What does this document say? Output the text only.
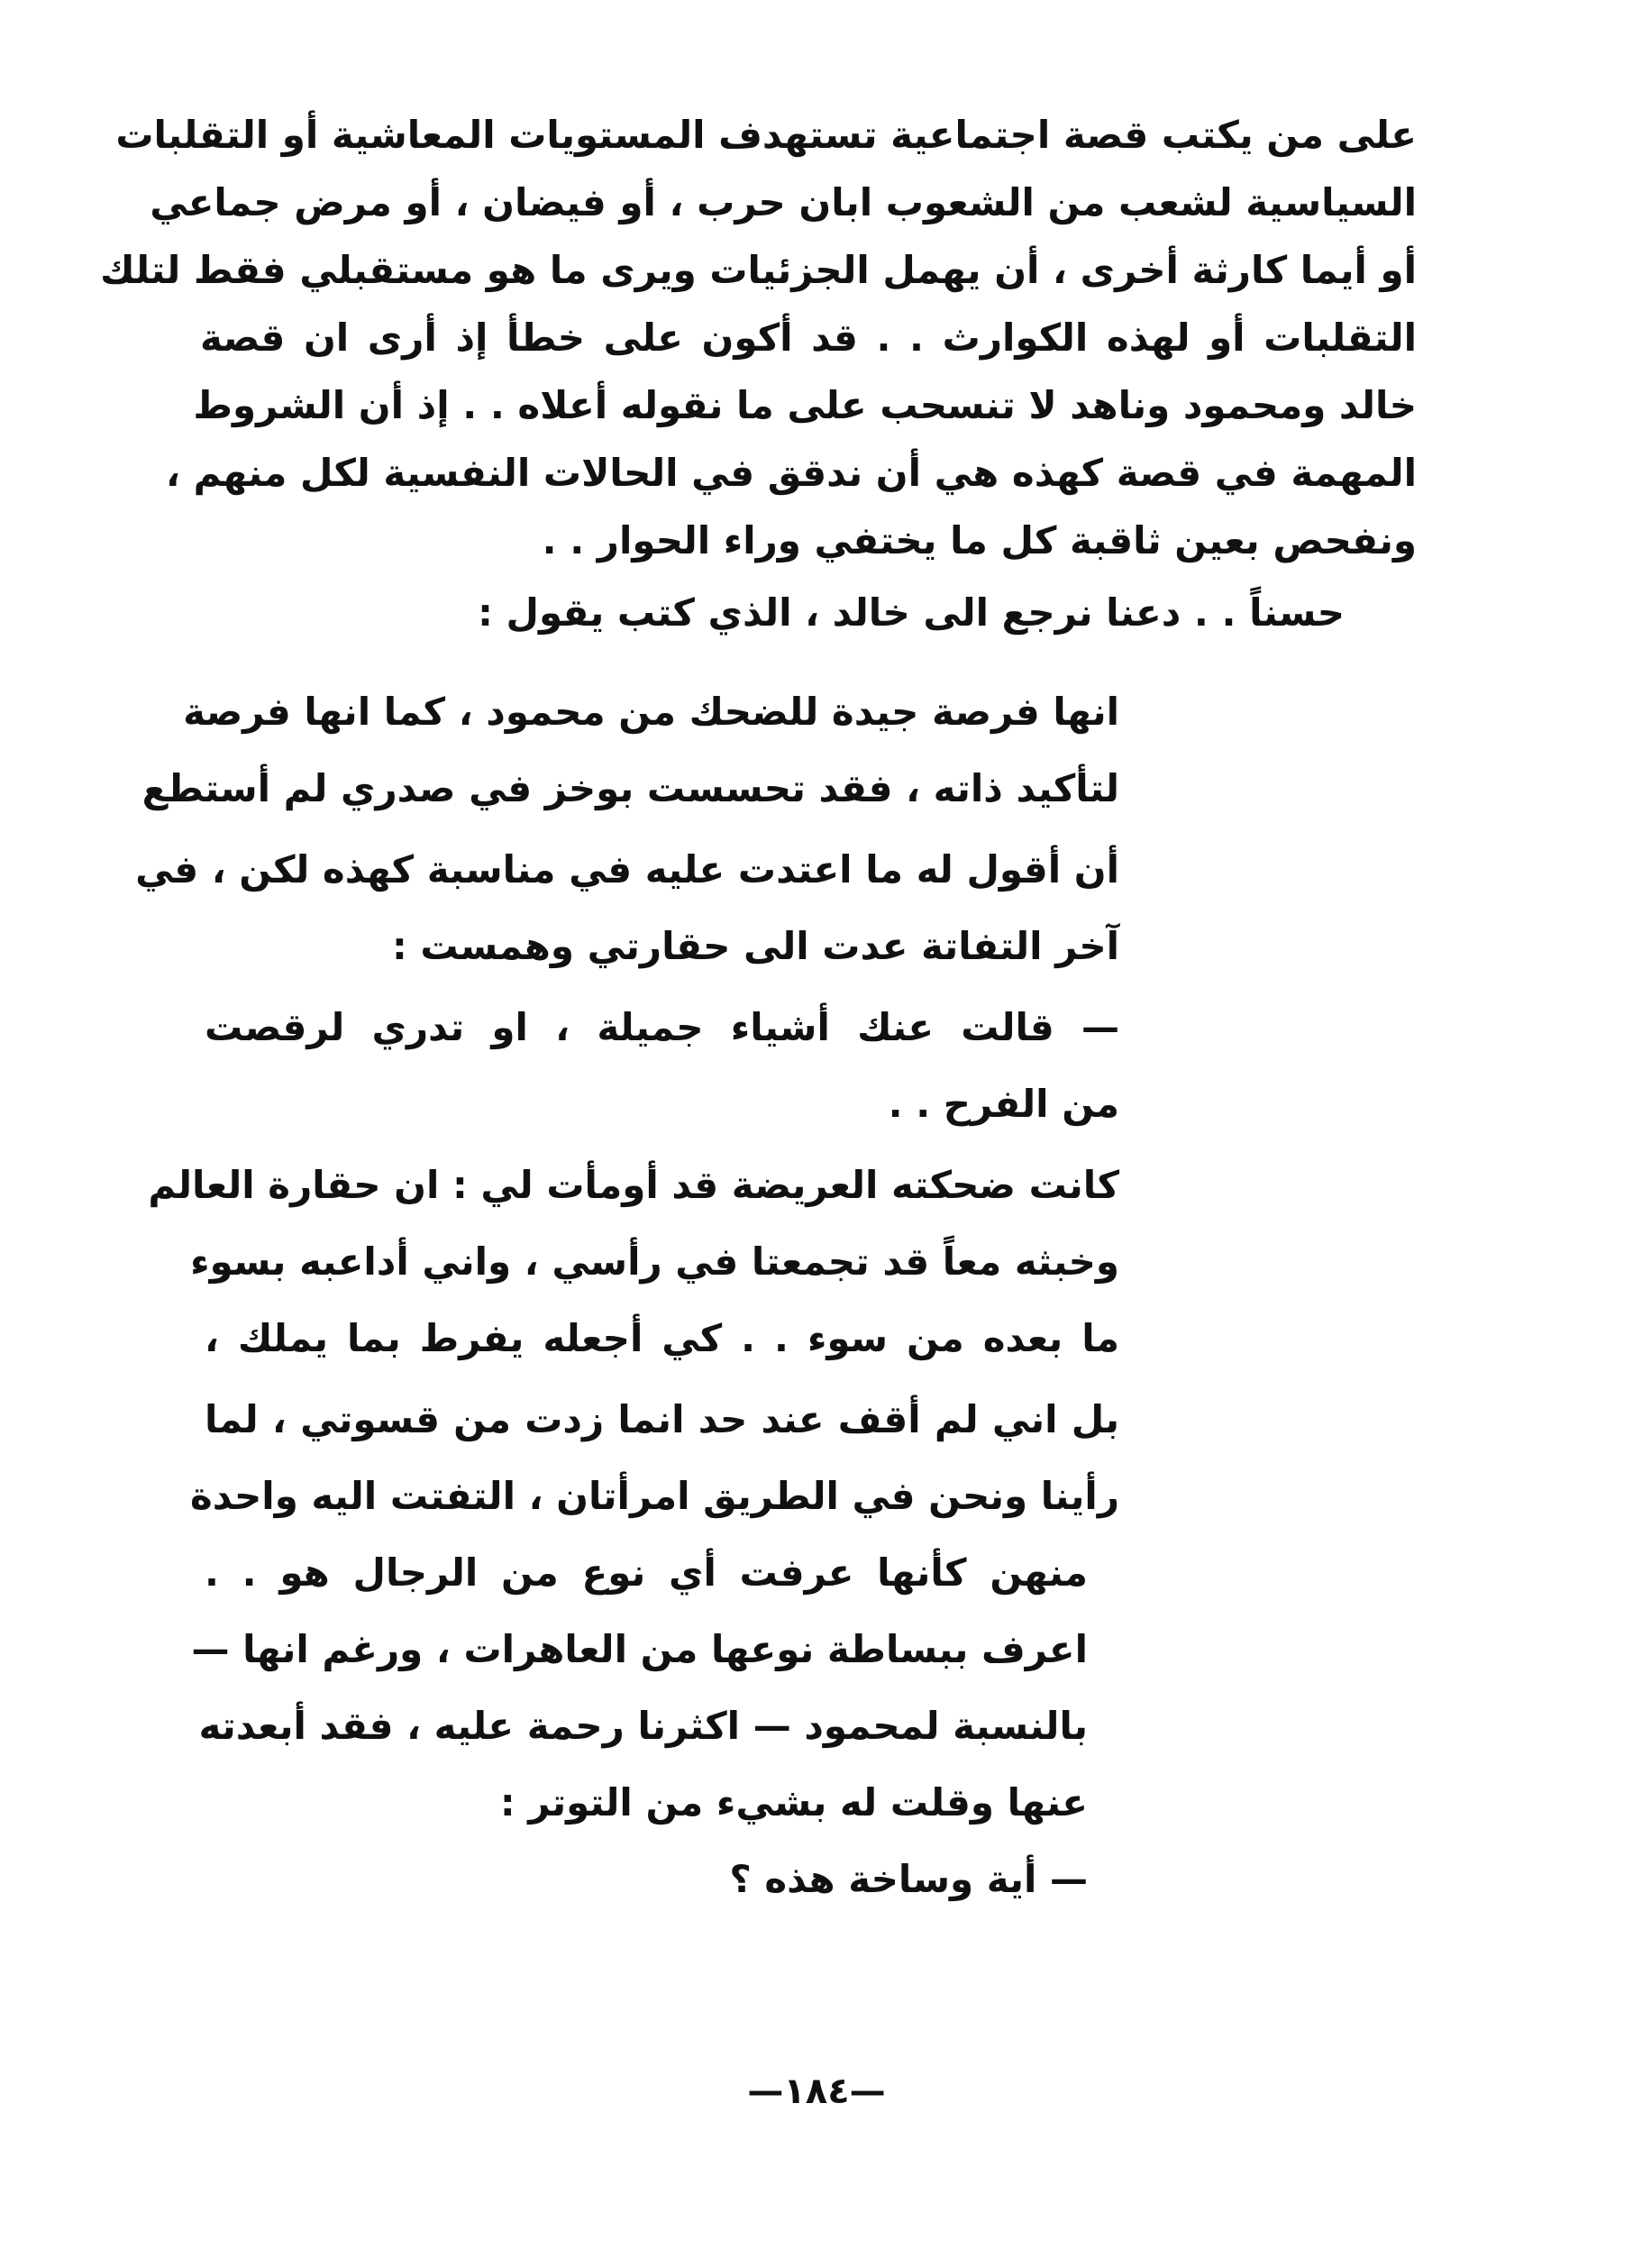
على من يكتب قصة اجتماعية تستهدف المستويات المعاشية أو التقلبات
السياسية لشعب من الشعوب ابان حرب ، أو فيضان ، أو مرض جماعي
أو أيما كارثة أخرى ، أن يهمل الجزئيات ويرى ما هو مستقبلي فقط لتلك
التقلبات أو لهذه الكوارث . . قد أكون على خطأ إذ أرى ان قصة
خالد ومحمود وناهد لا تنسحب على ما نقوله أعلاه . . إذ أن الشروط
المهمة في قصة كهذه هي أن ندقق في الحالات النفسية لكل منهم ،
ونفحص بعين ثاقبة كل ما يختفي وراء الحوار . .
حسناً . . دعنا نرجع الى خالد ، الذي كتب يقول :
انها فرصة جيدة للضحك من محمود ، كما انها فرصة
لتأكيد ذاته ، فقد تحسست بوخز في صدري لم أستطع
أن أقول له ما اعتدت عليه في مناسبة كهذه لكن ، في
آخر التفاتة عدت الى حقارتي وهمست :
— قالت عنك أشياء جميلة ، او تدري لرقصت
من الفرح . .
كانت ضحكته العريضة قد أومأت لي : ان حقارة العالم
وخبثه معاً قد تجمعتا في رأسي ، واني أداعبه بسوء
ما بعده من سوء . . كي أجعله يفرط بما يملك ،
بل اني لم أقف عند حد انما زدت من قسوتي ، لما
رأينا ونحن في الطريق امرأتان ، التفتت اليه واحدة
منهن كأنها عرفت أي نوع من الرجال هو . .
اعرف ببساطة نوعها من العاهرات ، ورغم انها —
بالنسبة لمحمود — اكثرنا رحمة عليه ، فقد أبعدته
عنها وقلت له بشيء من التوتر :
— أية وساخة هذه ؟
—١٨٤—
